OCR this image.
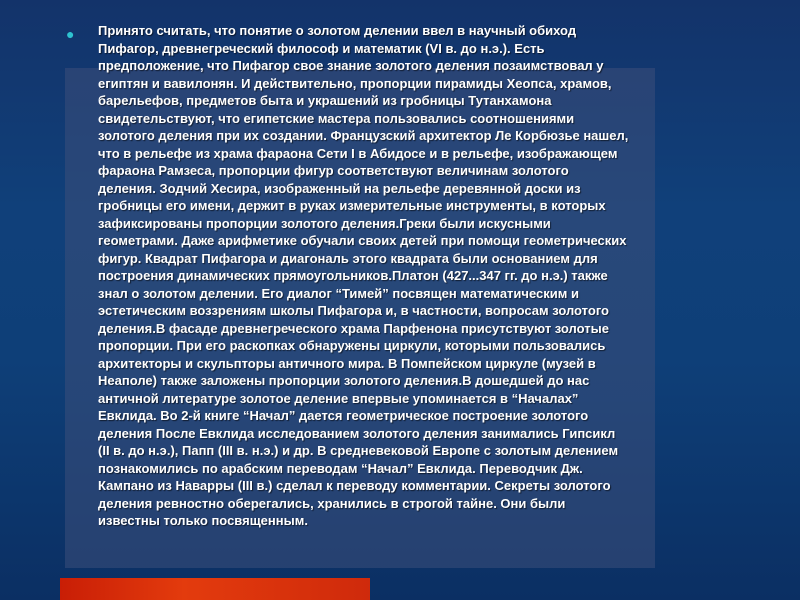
●	Принято считать, что понятие о золотом делении ввел в научный обиход
Пифагор, древнегреческий философ и математик (VI в. до н.э.). Есть
предположение, что Пифагор свое знание золотого деления позаимствовал у
египтян и вавилонян. И действительно, пропорции пирамиды Хеопса, храмов,
барельефов, предметов быта и украшений из гробницы Тутанхамона
свидетельствуют, что египетские мастера пользовались соотношениями
золотого деления при их создании. Французский архитектор Ле Корбюзье нашел,
что в рельефе из храма фараона Сети I в Абидосе и в рельефе, изображающем
фараона Рамзеса, пропорции фигур соответствуют величинам золотого
деления. Зодчий Хесира, изображенный на рельефе деревянной доски из
гробницы его имени, держит в руках измерительные инструменты, в которых
зафиксированы пропорции золотого деления.Греки были искусными
геометрами. Даже арифметике обучали своих детей при помощи геометрических
фигур. Квадрат Пифагора и диагональ этого квадрата были основанием для
построения динамических прямоугольников.Платон (427...347 гг. до н.э.) также
знал о золотом делении. Его диалог “Тимей” посвящен математическим и
эстетическим воззрениям школы Пифагора и, в частности, вопросам золотого
деления.В фасаде древнегреческого храма Парфенона присутствуют золотые
пропорции. При его раскопках обнаружены циркули, которыми пользовались
архитекторы и скульпторы античного мира. В Помпейском циркуле (музей в
Неаполе) также заложены пропорции золотого деления.В дошедшей до нас
античной литературе золотое деление впервые упоминается в “Началах”
Евклида. Во 2-й книге “Начал” дается геометрическое построение золотого
деления После Евклида исследованием золотого деления занимались Гипсикл
(II в. до н.э.), Папп (III в. н.э.) и др. В средневековой Европе с золотым делением
познакомились по арабским переводам “Начал” Евклида. Переводчик Дж.
Кампано из Наварры (III в.) сделал к переводу комментарии. Секреты золотого
деления ревностно оберегались, хранились в строгой тайне. Они были
известны только посвященным.
